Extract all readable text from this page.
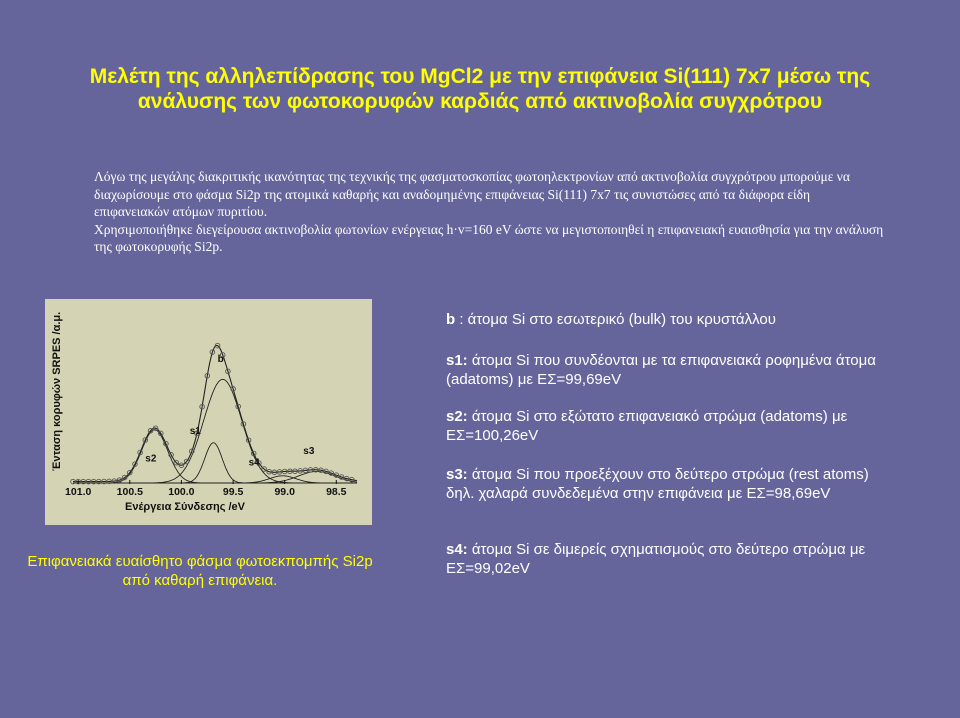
Μελέτη της αλληλεπίδρασης του MgCl2 με την επιφάνεια Si(111) 7x7 μέσω της ανάλυσης των φωτοκορυφών καρδιάς από ακτινοβολία συγχρότρου

Λόγω της μεγάλης διακριτικής ικανότητας της τεχνικής της φασματοσκοπίας φωτοηλεκτρονίων από ακτινοβολία συγχρότρου μπορούμε να διαχωρίσουμε στο φάσμα Si2p της ατομικά καθαρής και αναδομημένης επιφάνειας Si(111) 7x7 τις συνιστώσες από τα διάφορα είδη επιφανειακών ατόμων πυριτίου.

Χρησιμοποιήθηκε διεγείρουσα ακτινοβολία φωτονίων ενέργειας h·v=160 eV ώστε να μεγιστοποιηθεί η επιφανειακή ευαισθησία για την ανάλυση της φωτοκορυφής Si2p.

b
s1
s2
s3
s4
101.0 100.5 100.0	99.5	99.0	98.5
Ενέργεια Σύνδεσης /eV
Ένταση κορυφών SRPES /α.μ.
Επιφανειακά ευαίσθητο φάσμα φωτοεκπομπής Si2p από καθαρή επιφάνεια.
b : άτομα Si στο εσωτερικό (bulk) του κρυστάλλου
s1: άτομα Si που συνδέονται με τα επιφανειακά ροφημένα άτομα (adatoms) με ΕΣ=99,69eV
s2: άτομα Si στο εξώτατο επιφανειακό στρώμα (adatoms) με ΕΣ=100,26eV
s3: άτομα Si που προεξέχουν στο δεύτερο στρώμα (rest atoms) δηλ. χαλαρά συνδεδεμένα στην επιφάνεια με ΕΣ=98,69eV
s4: άτομα Si σε διμερείς σχηματισμούς στο δεύτερο στρώμα με ΕΣ=99,02eV
